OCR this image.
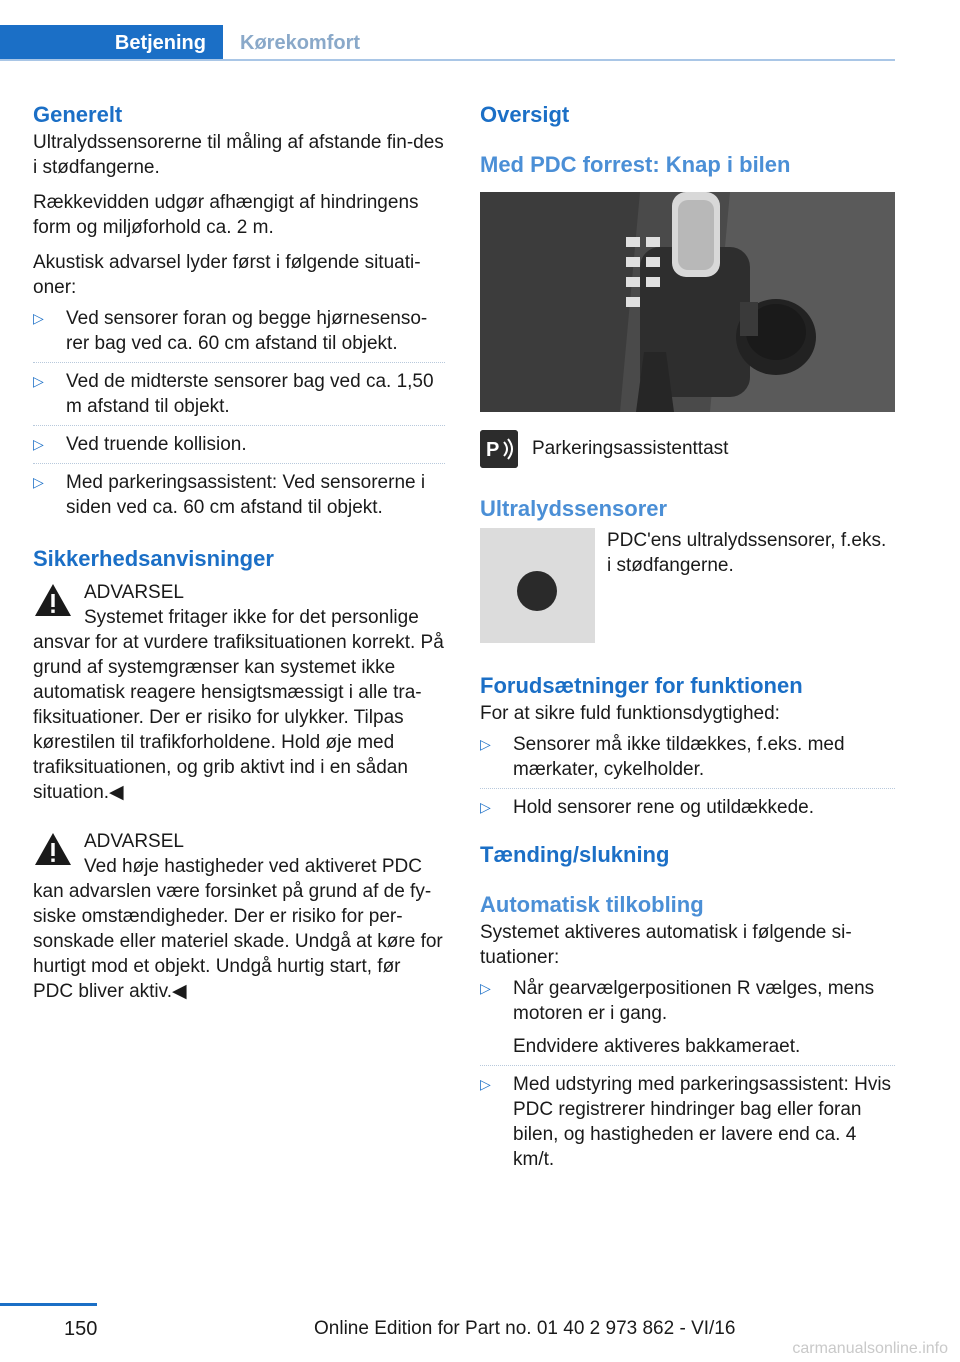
Betjening	Kørekomfort
Generelt

Ultralydssensorerne til måling af afstande fin-des i stødfangerne.

Rækkevidden udgør afhængigt af hindringens form og miljøforhold ca. 2 m.

Akustisk advarsel lyder først i følgende situati-oner:

▷ Ved sensorer foran og begge hjørnesenso-rer bag ved ca. 60 cm afstand til objekt.
▷ Ved de midterste sensorer bag ved ca. 1,50 m afstand til objekt.
▷ Ved truende kollision.
▷ Med parkeringsassistent: Ved sensorerne i siden ved ca. 60 cm afstand til objekt.
Sikkerhedsanvisninger
ADVARSEL

Systemet fritager ikke for det personlige

ansvar for at vurdere trafiksituationen korrekt. På grund af systemgrænser kan systemet ikke automatisk reagere hensigtsmæssigt i alle tra-fiksituationer. Der er risiko for ulykker. Tilpas kørestilen til trafikforholdene. Hold øje med trafiksituationen, og grib aktivt ind i en sådan situation.◀

ADVARSEL

Ved høje hastigheder ved aktiveret PDC

kan advarslen være forsinket på grund af de fy-siske omstændigheder. Der er risiko for per-sonskade eller materiel skade. Undgå at køre for hurtigt mod et objekt. Undgå hurtig start, før PDC bliver aktiv.◀

Oversigt
Med PDC forrest: Knap i bilen
P Parkeringsassistenttast
Ultralydssensorer

PDC'ens ultralydssensorer, f.eks. i stødfangerne.

Forudsætninger for funktionen

For at sikre fuld funktionsdygtighed:

▷ Sensorer må ikke tildækkes, f.eks. med mærkater, cykelholder.
▷ Hold sensorer rene og utildækkede.
Tænding/slukning
Automatisk tilkobling

Systemet aktiveres automatisk i følgende si-tuationer:

▷ Når gearvælgerpositionen R vælges, mens motoren er i gang.
Endvidere aktiveres bakkameraet.
▷ Med udstyring med parkeringsassistent: Hvis PDC registrerer hindringer bag eller foran bilen, og hastigheden er lavere end ca. 4 km/t.
150	Online Edition for Part no. 01 40 2 973 862 - VI/16
carmanualsonline.info
